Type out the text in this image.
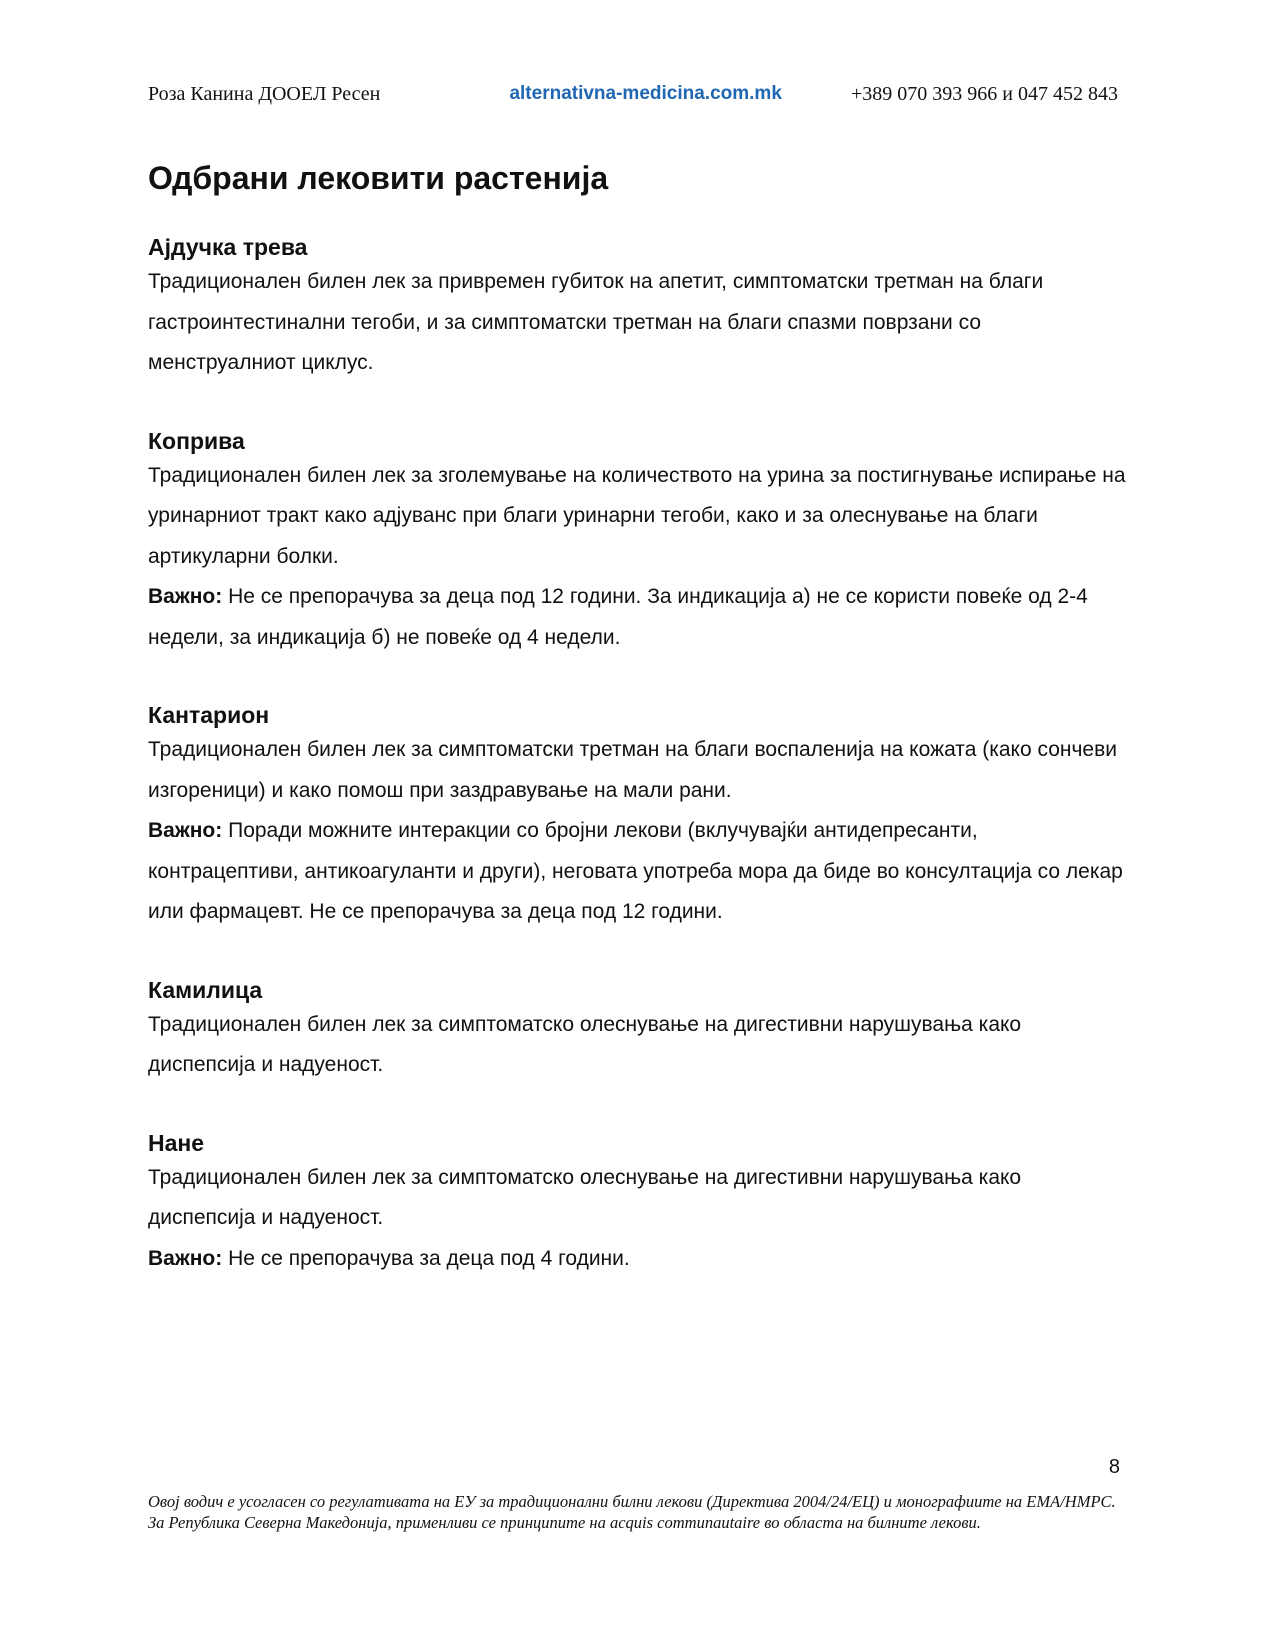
Роза Канина ДООЕЛ Ресен	alternativna-medicina.com.mk	+389 070 393 966 и 047 452 843
Одбрани лековити растенија
Ајдучка трева

Традиционален билен лек за привремен губиток на апетит, симптоматски третман на благи гастроинтестинални тегоби, и за симптоматски третман на благи спазми поврзани со менструалниот циклус.

Коприва

Традиционален билен лек за зголемување на количеството на урина за постигнување испирање на уринарниот тракт како адјуванс при благи уринарни тегоби, како и за олеснување на благи артикуларни болки.

Важно: Не се препорачува за деца под 12 години. За индикација а) не се користи повеќе од 2-4 недели, за индикација б) не повеќе од 4 недели.

Кантарион

Традиционален билен лек за симптоматски третман на благи воспаленија на кожата (како сончеви изгореници) и како помош при заздравување на мали рани.

Важно: Поради можните интеракции со бројни лекови (вклучувајќи антидепресанти, контрацептиви, антикоагуланти и други), неговата употреба мора да биде во консултација со лекар или фармацевт. Не се препорачува за деца под 12 години.

Камилица

Традиционален билен лек за симптоматско олеснување на дигестивни нарушувања како диспепсија и надуеност.

Нане

Традиционален билен лек за симптоматско олеснување на дигестивни нарушувања како диспепсија и надуеност.

Важно: Не се препорачува за деца под 4 години.

8
Овој водич е усогласен со регулативата на ЕУ за традиционални билни лекови (Директива 2004/24/ЕЦ) и монографиите на ЕМА/HMPC. За Република Северна Македонија, применливи се принципите на acquis communautaire во областа на билните лекови.
